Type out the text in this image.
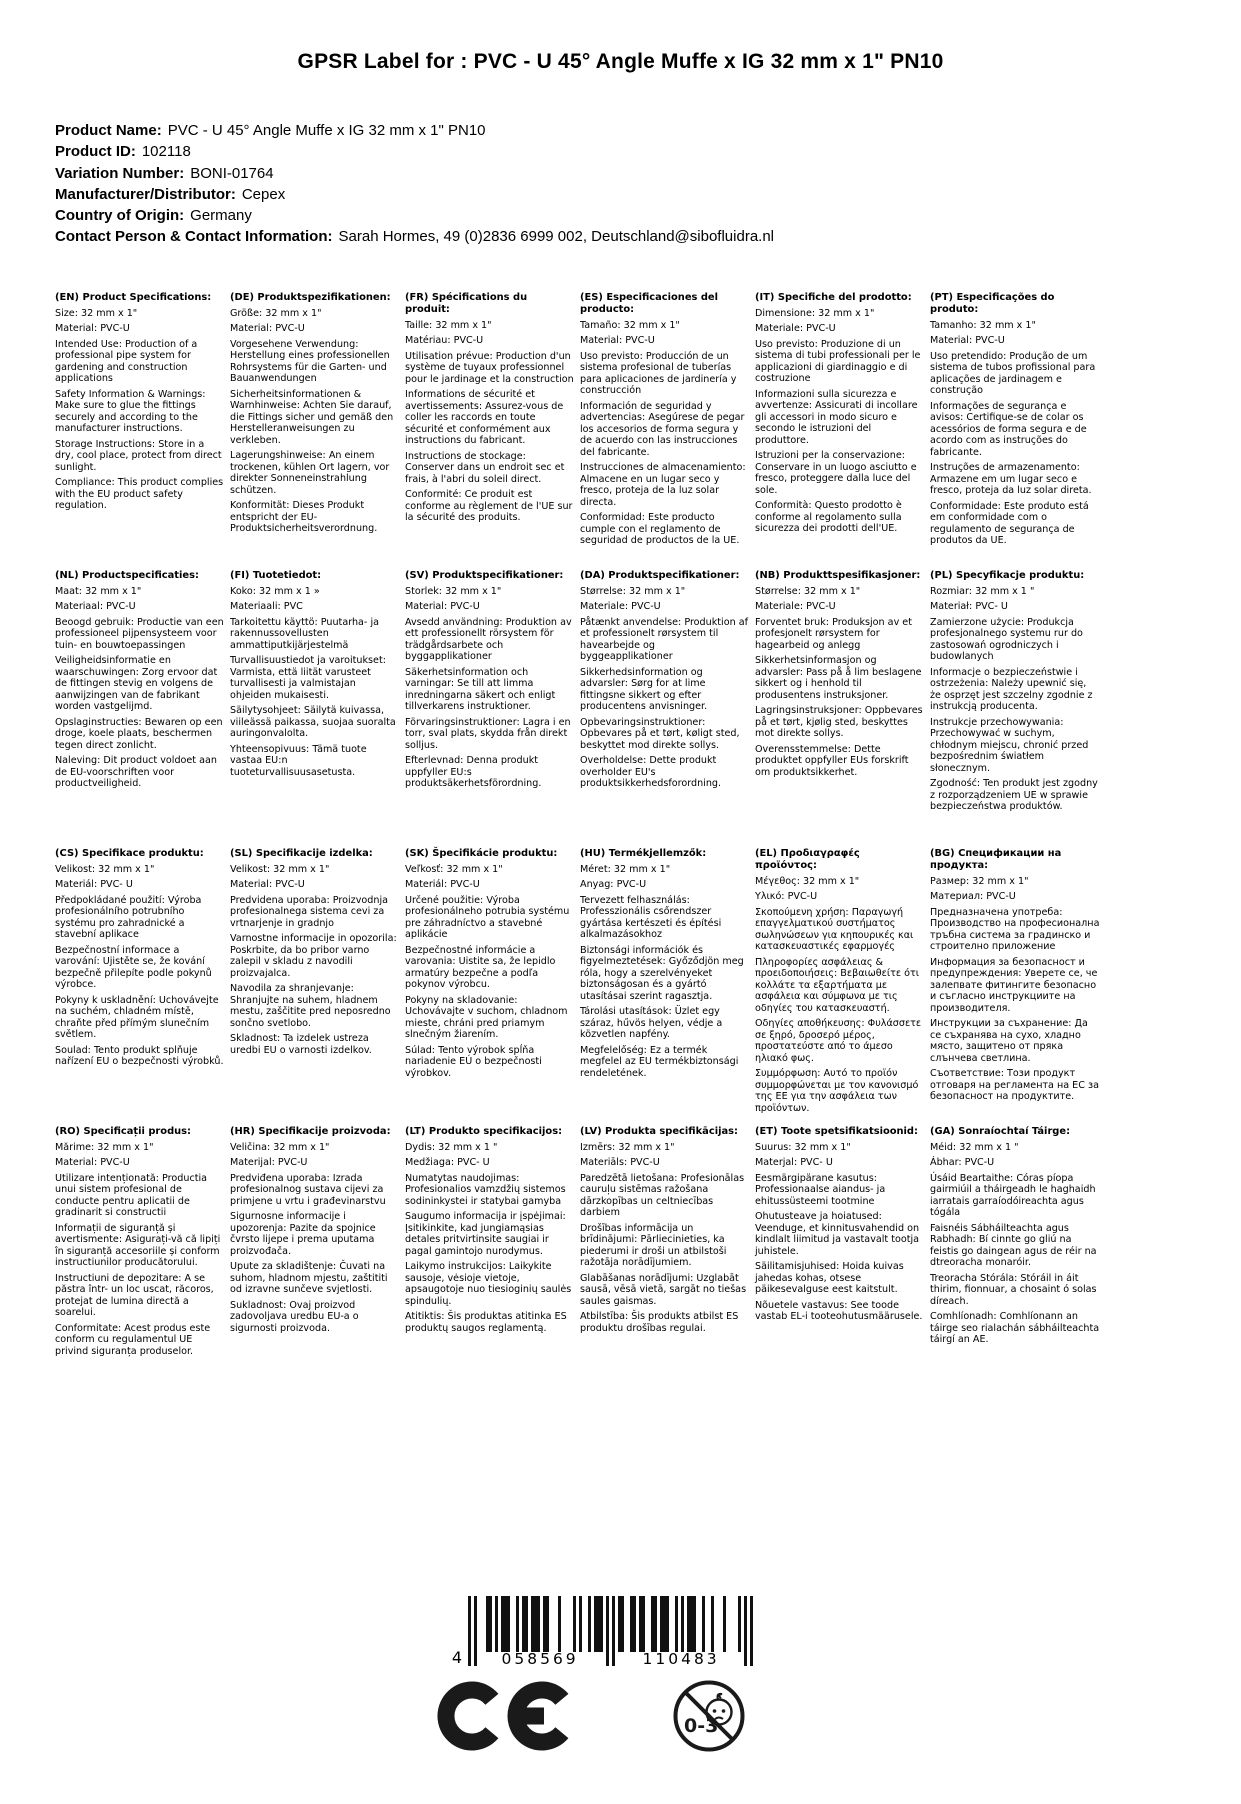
GPSR Label for : PVC - U 45° Angle Muffe x IG 32 mm x 1" PN10
Product Name: PVC - U 45° Angle Muffe x IG 32 mm x 1" PN10
Product ID: 102118
Variation Number: BONI-01764
Manufacturer/Distributor: Cepex
Country of Origin: Germany
Contact Person & Contact Information: Sarah Hormes, 49 (0)2836 6999 002, Deutschland@sibofluidra.nl
(EN) Product Specifications:
Size: 32 mm x 1"
Material: PVC-U
Intended Use: Production of a professional pipe system for gardening and construction applications
Safety Information & Warnings: Make sure to glue the fittings securely and according to the manufacturer instructions.
Storage Instructions: Store in a dry, cool place, protect from direct sunlight.
Compliance: This product complies with the EU product safety regulation.
(DE) Produktspezifikationen:
Größe: 32 mm x 1"
Material: PVC-U
Vorgesehene Verwendung: Herstellung eines professionellen Rohrsystems für die Garten- und Bauanwendungen
Sicherheitsinformationen & Warnhinweise: Achten Sie darauf, die Fittings sicher und gemäß den Herstelleranweisungen zu verkleben.
Lagerungshinweise: An einem trockenen, kühlen Ort lagern, vor direkter Sonneneinstrahlung schützen.
Konformität: Dieses Produkt entspricht der EU-Produktsicherheitsverordnung.
(FR) Spécifications du produit:
Taille: 32 mm x 1"
Matériau: PVC-U
Utilisation prévue: Production d'un système de tuyaux professionnel pour le jardinage et la construction
Informations de sécurité et avertissements: Assurez-vous de coller les raccords en toute sécurité et conformément aux instructions du fabricant.
Instructions de stockage: Conserver dans un endroit sec et frais, à l'abri du soleil direct.
Conformité: Ce produit est conforme au règlement de l'UE sur la sécurité des produits.
(ES) Especificaciones del producto:
Tamaño: 32 mm x 1"
Material: PVC-U
Uso previsto: Producción de un sistema profesional de tuberías para aplicaciones de jardinería y construcción
Información de seguridad y advertencias: Asegúrese de pegar los accesorios de forma segura y de acuerdo con las instrucciones del fabricante.
Instrucciones de almacenamiento: Almacene en un lugar seco y fresco, proteja de la luz solar directa.
Conformidad: Este producto cumple con el reglamento de seguridad de productos de la UE.
(IT) Specifiche del prodotto:
Dimensione: 32 mm x 1"
Materiale: PVC-U
Uso previsto: Produzione di un sistema di tubi professionali per le applicazioni di giardinaggio e di costruzione
Informazioni sulla sicurezza e avvertenze: Assicurati di incollare gli accessori in modo sicuro e secondo le istruzioni del produttore.
Istruzioni per la conservazione: Conservare in un luogo asciutto e fresco, proteggere dalla luce del sole.
Conformità: Questo prodotto è conforme al regolamento sulla sicurezza dei prodotti dell'UE.
(PT) Especificações do produto:
Tamanho: 32 mm x 1"
Material: PVC-U
Uso pretendido: Produção de um sistema de tubos profissional para aplicações de jardinagem e construção
Informações de segurança e avisos: Certifique-se de colar os acessórios de forma segura e de acordo com as instruções do fabricante.
Instruções de armazenamento: Armazene em um lugar seco e fresco, proteja da luz solar direta.
Conformidade: Este produto está em conformidade com o regulamento de segurança de produtos da UE.
(NL) Productspecificaties:
Maat: 32 mm x 1"
Materiaal: PVC-U
Beoogd gebruik: Productie van een professioneel pijpensysteem voor tuin- en bouwtoepassingen
Veiligheidsinformatie en waarschuwingen: Zorg ervoor dat de fittingen stevig en volgens de aanwijzingen van de fabrikant worden vastgelijmd.
Opslaginstructies: Bewaren op een droge, koele plaats, beschermen tegen direct zonlicht.
Naleving: Dit product voldoet aan de EU-voorschriften voor productveiligheid.
(FI) Tuotetiedot:
Koko: 32 mm x 1 »
Materiaali: PVC
Tarkoitettu käyttö: Puutarha- ja rakennussovellusten ammattiputkijärjestelmä
Turvallisuustiedot ja varoitukset: Varmista, että liität varusteet turvallisesti ja valmistajan ohjeiden mukaisesti.
Säilytysohjeet: Säilytä kuivassa, viileässä paikassa, suojaa suoralta auringonvalolta.
Yhteensopivuus: Tämä tuote vastaa EU:n tuoteturvallisuusasetusta.
(SV) Produktspecifikationer:
Storlek: 32 mm x 1"
Material: PVC-U
Avsedd användning: Produktion av ett professionellt rörsystem för trädgårdsarbete och byggapplikationer
Säkerhetsinformation och varningar: Se till att limma inredningarna säkert och enligt tillverkarens instruktioner.
Förvaringsinstruktioner: Lagra i en torr, sval plats, skydda från direkt solljus.
Efterlevnad: Denna produkt uppfyller EU:s produktsäkerhetsförordning.
(DA) Produktspecifikationer:
Størrelse: 32 mm x 1"
Materiale: PVC-U
Påtænkt anvendelse: Produktion af et professionelt rørsystem til havearbejde og byggeapplikationer
Sikkerhedsinformation og advarsler: Sørg for at lime fittingsne sikkert og efter producentens anvisninger.
Opbevaringsinstruktioner: Opbevares på et tørt, køligt sted, beskyttet mod direkte sollys.
Overholdelse: Dette produkt overholder EU's produktsikkerhedsforordning.
(NB) Produkttspesifikasjoner:
Størrelse: 32 mm x 1"
Materiale: PVC-U
Forventet bruk: Produksjon av et profesjonelt rørsystem for hagearbeid og anlegg
Sikkerhetsinformasjon og advarsler: Pass på å lim beslagene sikkert og i henhold til produsentens instruksjoner.
Lagringsinstruksjoner: Oppbevares på et tørt, kjølig sted, beskyttes mot direkte sollys.
Overensstemmelse: Dette produktet oppfyller EUs forskrift om produktsikkerhet.
(PL) Specyfikacje produktu:
Rozmiar: 32 mm x 1 "
Materiał: PVC- U
Zamierzone użycie: Produkcja profesjonalnego systemu rur do zastosowań ogrodniczych i budowlanych
Informacje o bezpieczeństwie i ostrzeżenia: Należy upewnić się, że osprzęt jest szczelny zgodnie z instrukcją producenta.
Instrukcje przechowywania: Przechowywać w suchym, chłodnym miejscu, chronić przed bezpośrednim światłem słonecznym.
Zgodność: Ten produkt jest zgodny z rozporządzeniem UE w sprawie bezpieczeństwa produktów.
(CS) Specifikace produktu:
Velikost: 32 mm x 1"
Materiál: PVC- U
Předpokládané použití: Výroba profesionálního potrubního systému pro zahradnické a stavební aplikace
Bezpečnostní informace a varování: Ujistěte se, že kování bezpečně přilepíte podle pokynů výrobce.
Pokyny k uskladnění: Uchovávejte na suchém, chladném místě, chraňte před přímým slunečním světlem.
Soulad: Tento produkt splňuje nařízení EU o bezpečnosti výrobků.
(SL) Specifikacije izdelka:
Velikost: 32 mm x 1"
Material: PVC-U
Predvidena uporaba: Proizvodnja profesionalnega sistema cevi za vrtnarjenje in gradnjo
Varnostne informacije in opozorila: Poskrbite, da bo pribor varno zalepil v skladu z navodili proizvajalca.
Navodila za shranjevanje: Shranjujte na suhem, hladnem mestu, zaščitite pred neposredno sončno svetlobo.
Skladnost: Ta izdelek ustreza uredbi EU o varnosti izdelkov.
(SK) Špecifikácie produktu:
Veľkosť: 32 mm x 1"
Materiál: PVC-U
Určené použitie: Výroba profesionálneho potrubia systému pre záhradníctvo a stavebné aplikácie
Bezpečnostné informácie a varovania: Uistite sa, že lepidlo armatúry bezpečne a podľa pokynov výrobcu.
Pokyny na skladovanie: Uchovávajte v suchom, chladnom mieste, chráni pred priamym slnečným žiarením.
Súlad: Tento výrobok spĺňa nariadenie EÚ o bezpečnosti výrobkov.
(HU) Termékjellemzők:
Méret: 32 mm x 1"
Anyag: PVC-U
Tervezett felhasználás: Professzionális csőrendszer gyártása kertészeti és építési alkalmazásokhoz
Biztonsági információk és figyelmeztetések: Győződjön meg róla, hogy a szerelvényeket biztonságosan és a gyártó utasításai szerint ragasztja.
Tárolási utasítások: Üzlet egy száraz, hűvös helyen, védje a közvetlen napfény.
Megfelelőség: Ez a termék megfelel az EU termékbiztonsági rendeletének.
(EL) Προδιαγραφές προϊόντος:
Μέγεθος: 32 mm x 1"
Υλικό: PVC-U
Σκοπούμενη χρήση: Παραγωγή επαγγελματικού συστήματος σωληνώσεων για κηπουρικές και κατασκευαστικές εφαρμογές
Πληροφορίες ασφάλειας & προειδοποιήσεις: Βεβαιωθείτε ότι κολλάτε τα εξαρτήματα με ασφάλεια και σύμφωνα με τις οδηγίες του κατασκευαστή.
Οδηγίες αποθήκευσης: Φυλάσσετε σε ξηρό, δροσερό μέρος, προστατεύστε από το άμεσο ηλιακό φως.
Συμμόρφωση: Αυτό το προϊόν συμμορφώνεται με τον κανονισμό της ΕΕ για την ασφάλεια των προϊόντων.
(BG) Спецификации на продукта:
Размер: 32 mm x 1"
Материал: PVC-U
Предназначена употреба: Производство на професионална тръбна система за градинско и строително приложение
Информация за безопасност и предупреждения: Уверете се, че залепвате фитингите безопасно и съгласно инструкциите на производителя.
Инструкции за съхранение: Да се съхранява на сухо, хладно място, защитено от пряка слънчева светлина.
Съответствие: Този продукт отговаря на регламента на ЕС за безопасност на продуктите.
(RO) Specificații produs:
Mărime: 32 mm x 1"
Material: PVC-U
Utilizare intenționată: Productia unui sistem profesional de conducte pentru aplicatii de gradinarit si constructii
Informații de siguranță și avertismente: Asigurați-vă că lipiți în siguranță accesoriile și conform instructiunilor producătorului.
Instructiuni de depozitare: A se păstra într- un loc uscat, răcoros, protejat de lumina directă a soarelui.
Conformitate: Acest produs este conform cu regulamentul UE privind siguranța produselor.
(HR) Specifikacije proizvoda:
Veličina: 32 mm x 1"
Materijal: PVC-U
Predviđena uporaba: Izrada profesionalnog sustava cijevi za primjene u vrtu i građevinarstvu
Sigurnosne informacije i upozorenja: Pazite da spojnice čvrsto lijepe i prema uputama proizvođača.
Upute za skladištenje: Čuvati na suhom, hladnom mjestu, zaštititi od izravne sunčeve svjetlosti.
Sukladnost: Ovaj proizvod zadovoljava uredbu EU-a o sigurnosti proizvoda.
(LT) Produkto specifikacijos:
Dydis: 32 mm x 1 "
Medžiaga: PVC- U
Numatytas naudojimas: Profesionalios vamzdžių sistemos sodininkystei ir statybai gamyba
Saugumo informacija ir įspėjimai: Įsitikinkite, kad jungiamąsias detales pritvirtinsite saugiai ir pagal gamintojo nurodymus.
Laikymo instrukcijos: Laikykite sausoje, vėsioje vietoje, apsaugotoje nuo tiesioginių saulės spindulių.
Atitiktis: Šis produktas atitinka ES produktų saugos reglamentą.
(LV) Produkta specifikācijas:
Izmērs: 32 mm x 1"
Materiāls: PVC-U
Paredzētā lietošana: Profesionālas cauruļu sistēmas ražošana dārzkopības un celtniecības darbiem
Drošības informācija un brīdinājumi: Pārliecinieties, ka piederumi ir droši un atbilstoši ražotāja norādījumiem.
Glabāšanas norādījumi: Uzglabāt sausā, vēsā vietā, sargāt no tiešas saules gaismas.
Atbilstība: Šis produkts atbilst ES produktu drošības regulai.
(ET) Toote spetsifikatsioonid:
Suurus: 32 mm x 1"
Materjal: PVC- U
Eesmärgipärane kasutus: Professionaalse aiandus- ja ehitussüsteemi tootmine
Ohutusteave ja hoiatused: Veenduge, et kinnitusvahendid on kindlalt liimitud ja vastavalt tootja juhistele.
Säilitamisjuhised: Hoida kuivas jahedas kohas, otsese päikesevalguse eest kaitstult.
Nõuetele vastavus: See toode vastab EL-i tooteohutusmäärusele.
(GA) Sonraíochtaí Táirge:
Méid: 32 mm x 1 "
Ábhar: PVC-U
Úsáid Beartaithe: Córas píopa gairmiúil a tháirgeadh le haghaidh iarratais garraíodóireachta agus tógála
Faisnéis Sábháilteachta agus Rabhadh: Bí cinnte go gliú na feistis go daingean agus de réir na dtreoracha monaróir.
Treoracha Stórála: Stóráil in áit thirim, fionnuar, a chosaint ó solas díreach.
Comhlíonadh: Comhlíonann an táirge seo rialachán sábháilteachta táirgí an AE.
4	058569	110483
0-3
